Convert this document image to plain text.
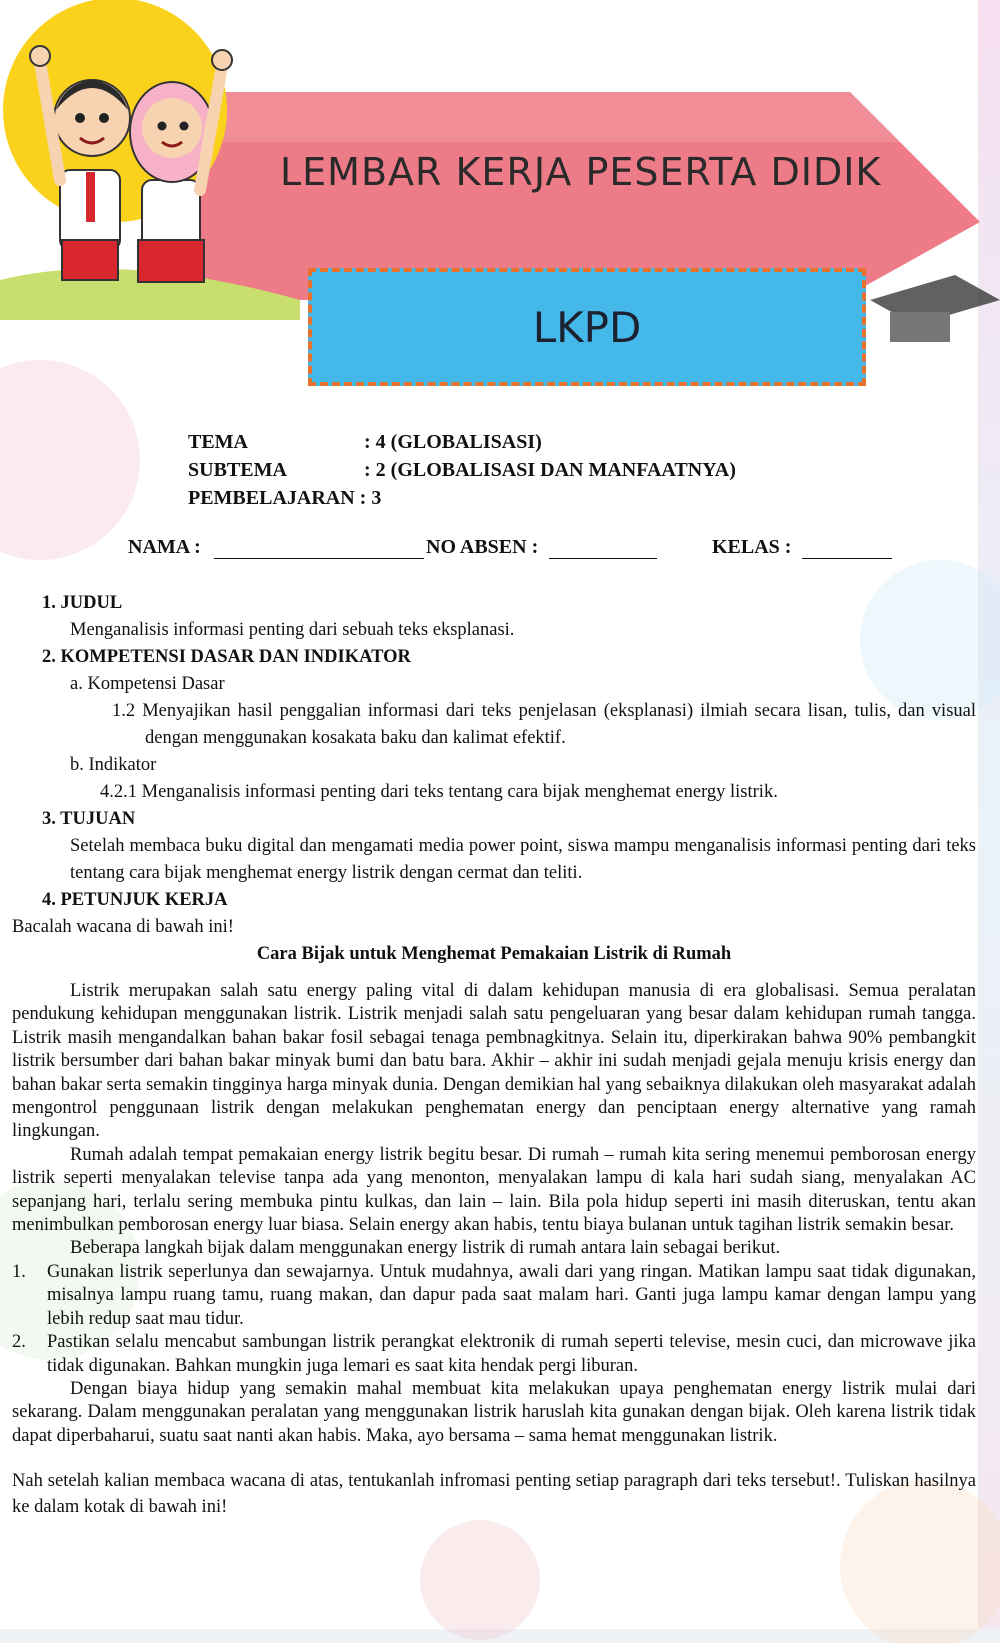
LEMBAR KERJA PESERTA DIDIK
LKPD
TEMA	: 4 (GLOBALISASI)
SUBTEMA	: 2 (GLOBALISASI DAN MANFAATNYA)
PEMBELAJARAN : 3
NAMA :	NO ABSEN :	KELAS :
1. JUDUL
Menganalisis informasi penting dari sebuah teks eksplanasi.
2. KOMPETENSI DASAR DAN INDIKATOR
a. Kompetensi Dasar
1.2 Menyajikan hasil penggalian informasi dari teks penjelasan (eksplanasi) ilmiah secara lisan, tulis, dan visual dengan menggunakan kosakata baku dan kalimat efektif.
b. Indikator
4.2.1 Menganalisis informasi penting dari teks tentang cara bijak menghemat energy listrik.
3. TUJUAN
Setelah membaca buku digital dan mengamati media power point, siswa mampu menganalisis informasi penting dari teks tentang cara bijak menghemat energy listrik dengan cermat dan teliti.
4. PETUNJUK KERJA
Bacalah wacana di bawah ini!
Cara Bijak untuk Menghemat Pemakaian Listrik di Rumah
Listrik merupakan salah satu energy paling vital di dalam kehidupan manusia di era globalisasi. Semua peralatan pendukung kehidupan menggunakan listrik. Listrik menjadi salah satu pengeluaran yang besar dalam kehidupan rumah tangga. Listrik masih mengandalkan bahan bakar fosil sebagai tenaga pembnagkitnya. Selain itu, diperkirakan bahwa 90% pembangkit listrik bersumber dari bahan bakar minyak bumi dan batu bara. Akhir – akhir ini sudah menjadi gejala menuju krisis energy dan bahan bakar serta semakin tingginya harga minyak dunia. Dengan demikian hal yang sebaiknya dilakukan oleh masyarakat adalah mengontrol penggunaan listrik dengan melakukan penghematan energy dan penciptaan energy alternative yang ramah lingkungan.
Rumah adalah tempat pemakaian energy listrik begitu besar. Di rumah – rumah kita sering menemui pemborosan energy listrik seperti menyalakan televise tanpa ada yang menonton, menyalakan lampu di kala hari sudah siang, menyalakan AC sepanjang hari, terlalu sering membuka pintu kulkas, dan lain – lain. Bila pola hidup seperti ini masih diteruskan, tentu akan menimbulkan pemborosan energy luar biasa. Selain energy akan habis, tentu biaya bulanan untuk tagihan listrik semakin besar.
Beberapa langkah bijak dalam menggunakan energy listrik di rumah antara lain sebagai berikut.
1.	Gunakan listrik seperlunya dan sewajarnya. Untuk mudahnya, awali dari yang ringan. Matikan lampu saat tidak digunakan, misalnya lampu ruang tamu, ruang makan, dan dapur pada saat malam hari. Ganti juga lampu kamar dengan lampu yang lebih redup saat mau tidur.
2.	Pastikan selalu mencabut sambungan listrik perangkat elektronik di rumah seperti televise, mesin cuci, dan microwave jika tidak digunakan. Bahkan mungkin juga lemari es saat kita hendak pergi liburan.
Dengan biaya hidup yang semakin mahal membuat kita melakukan upaya penghematan energy listrik mulai dari sekarang. Dalam menggunakan peralatan yang menggunakan listrik haruslah kita gunakan dengan bijak. Oleh karena listrik tidak dapat diperbaharui, suatu saat nanti akan habis. Maka, ayo bersama – sama hemat menggunakan listrik.
Nah setelah kalian membaca wacana di atas, tentukanlah infromasi penting setiap paragraph dari teks tersebut!. Tuliskan hasilnya ke dalam kotak di bawah ini!
